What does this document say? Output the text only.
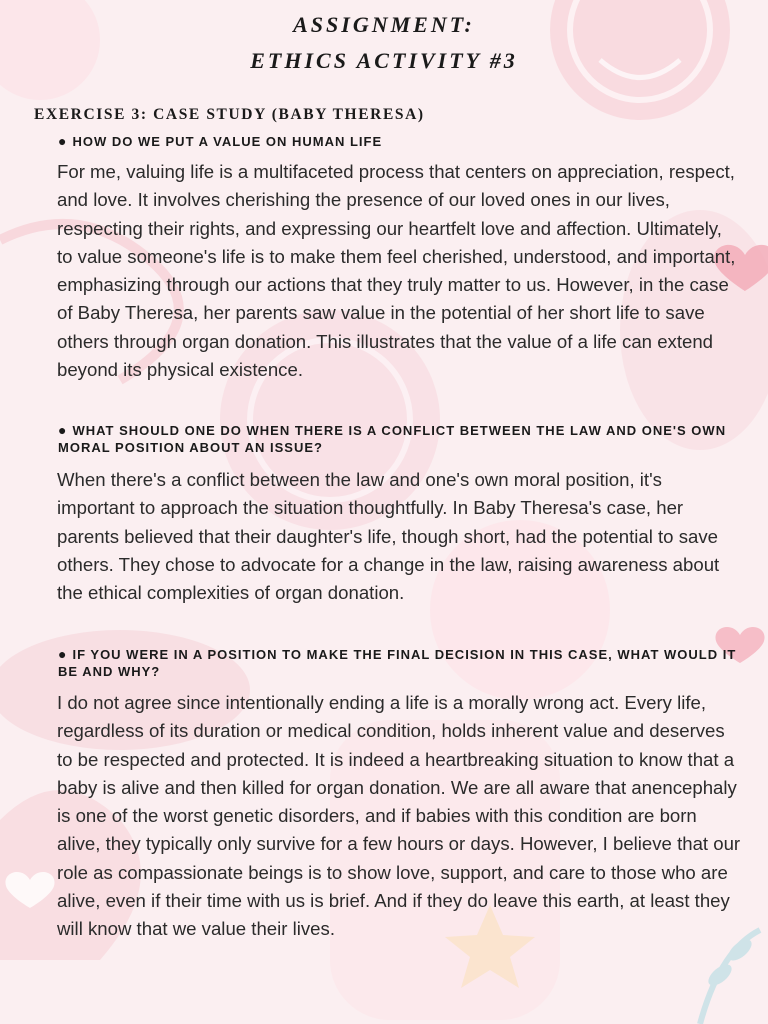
ASSIGNMENT:
ETHICS ACTIVITY #3
EXERCISE 3: CASE STUDY (BABY THERESA)
● HOW DO WE PUT A VALUE ON HUMAN LIFE
For me, valuing life is a multifaceted process that centers on appreciation, respect, and love. It involves cherishing the presence of our loved ones in our lives, respecting their rights, and expressing our heartfelt love and affection. Ultimately, to value someone's life is to make them feel cherished, understood, and important, emphasizing through our actions that they truly matter to us. However, in the case of Baby Theresa, her parents saw value in the potential of her short life to save others through organ donation. This illustrates that the value of a life can extend beyond its physical existence.
● WHAT SHOULD ONE DO WHEN THERE IS A CONFLICT BETWEEN THE LAW AND ONE'S OWN MORAL POSITION ABOUT AN ISSUE?
When there's a conflict between the law and one's own moral position, it's important to approach the situation thoughtfully. In Baby Theresa's case, her parents believed that their daughter's life, though short, had the potential to save others. They chose to advocate for a change in the law, raising awareness about the ethical complexities of organ donation.
● IF YOU WERE IN A POSITION TO MAKE THE FINAL DECISION IN THIS CASE, WHAT WOULD IT BE AND WHY?
I do not agree since intentionally ending a life is a morally wrong act. Every life, regardless of its duration or medical condition, holds inherent value and deserves to be respected and protected. It is indeed a heartbreaking situation to know that a baby is alive and then killed for organ donation. We are all aware that anencephaly is one of the worst genetic disorders, and if babies with this condition are born alive, they typically only survive for a few hours or days. However, I believe that our role as compassionate beings is to show love, support, and care to those who are alive, even if their time with us is brief. And if they do leave this earth, at least they will know that we value their lives.
